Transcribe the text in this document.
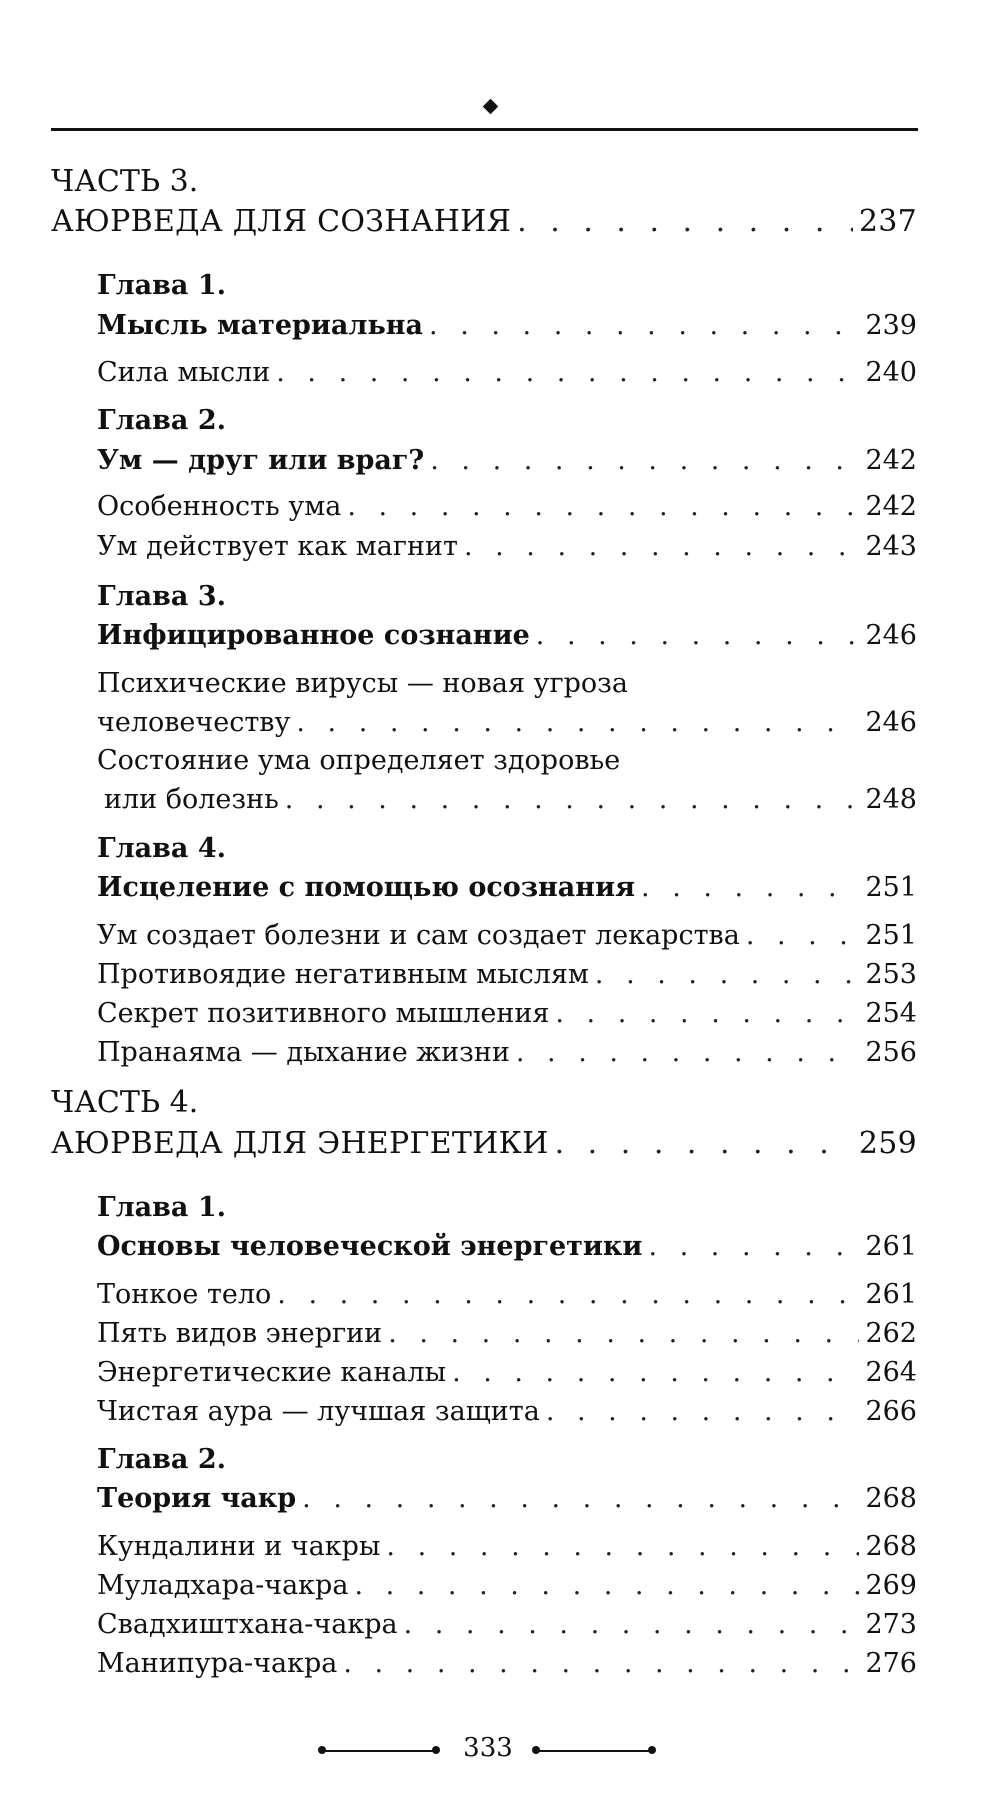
ЧАСТЬ 3.
АЮРВЕДА ДЛЯ СОЗНАНИЯ . . .	237
Глава 1.
Мысль материальна . . .	239
Сила мысли . . .	240
Глава 2.
Ум — друг или враг? . . .	242
Особенность ума . . .	242
Ум действует как магнит . . .	243
Глава 3.
Инфицированное сознание . . .	246
Психические вирусы — новая угроза
человечеству . . .	246
Состояние ума определяет здоровье
или болезнь . . .	248
Глава 4.
Исцеление с помощью осознания . . .	251
Ум создает болезни и сам создает лекарства . . .	251
Противоядие негативным мыслям . . .	253
Секрет позитивного мышления . . .	254
Пранаяма — дыхание жизни . . .	256
ЧАСТЬ 4.
АЮРВЕДА ДЛЯ ЭНЕРГЕТИКИ . . .	259
Глава 1.
Основы человеческой энергетики . . .	261
Тонкое тело . . .	261
Пять видов энергии . . .	262
Энергетические каналы . . .	264
Чистая аура — лучшая защита . . .	266
Глава 2.
Теория чакр . . .	268
Кундалини и чакры . . .	268
Муладхара-чакра . . .	269
Свадхиштхана-чакра . . .	273
Манипура-чакра . . .	276
333
